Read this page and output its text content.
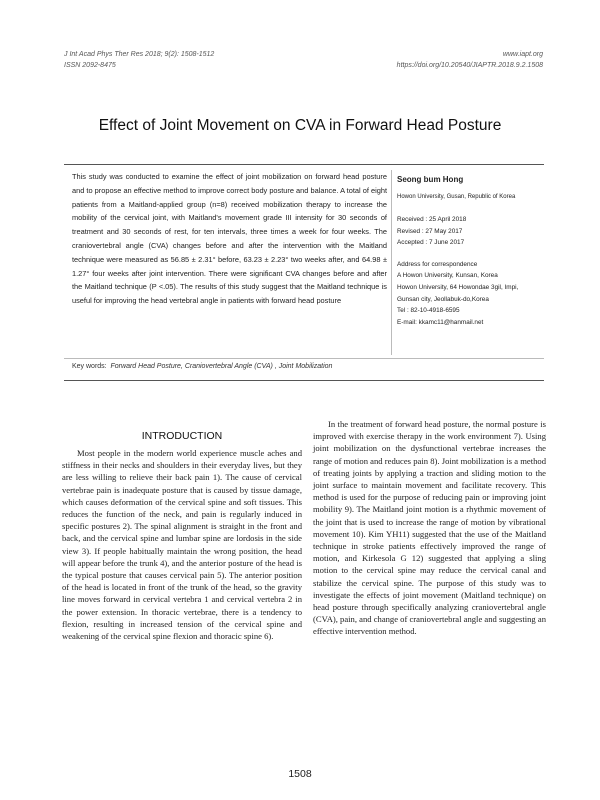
J Int Acad Phys Ther Res 2018; 9(2): 1508-1512
ISSN 2092-8475
www.iapt.org
https://doi.org/10.20540/JIAPTR.2018.9.2.1508
Effect of Joint Movement on CVA in Forward Head Posture
This study was conducted to examine the effect of joint mobilization on forward head posture and to propose an effective method to improve correct body posture and balance. A total of eight patients from a Maitland-applied group (n=8) received mobilization therapy to increase the mobility of the cervical joint, with Maitland's movement grade III intensity for 30 seconds of treatment and 30 seconds of rest, for ten intervals, three times a week for four weeks. The craniovertebral angle (CVA) changes before and after the intervention with the Maitland technique were measured as 56.85 ± 2.31° before, 63.23 ± 2.23° two weeks after, and 64.98 ± 1.27° four weeks after joint intervention. There were significant CVA changes before and after the Maitland technique (P <.05). The results of this study suggest that the Maitland technique is useful for improving the head vertebral angle in patients with forward head posture
Seong bum Hong
Howon University, Gusan, Republic of Korea
Received : 25 April 2018
Revised : 27 May 2017
Accepted : 7 June 2017
Address for correspondence
A Howon University, Kunsan, Korea
Howon University, 64 Howondae 3gil, Impi,
Gunsan city, Jeollabuk-do,Korea
Tel : 82-10-4918-6595
E-mail: kkamc11@hanmail.net
Key words: Forward Head Posture, Craniovertebral Angle (CVA) , Joint Mobilization
INTRODUCTION

Most people in the modern world experience muscle aches and stiffness in their necks and shoulders in their everyday lives, but they are less willing to relieve their back pain 1). The cause of cervical vertebrae pain is inadequate posture that is caused by tissue damage, which causes deformation of the cervical spine and soft tissues. This reduces the function of the neck, and pain is regularly induced in specific postures 2). The spinal alignment is straight in the front and back, and the cervical spine and lumbar spine are lordosis in the side view 3). If people habitually maintain the wrong position, the head will appear before the trunk 4), and the anterior posture of the head is the typical posture that causes cervical pain 5). The anterior position of the head is located in front of the trunk of the head, so the gravity line moves forward in cervical vertebra 1 and cervical vertebra 2 in the power extension. In thoracic vertebrae, there is a tendency to flexion, resulting in increased tension of the cervical spine and weakening of the cervical spine flexion and thoracic spine 6).

In the treatment of forward head posture, the normal posture is improved with exercise therapy in the work environment 7). Using joint mobilization on the dysfunctional vertebrae increases the range of motion and reduces pain 8). Joint mobilization is a method of treating joints by applying a traction and sliding motion to the joint surface to maintain movement and facilitate recovery. This method is used for the purpose of reducing pain or improving joint mobility 9). The Maitland joint motion is a rhythmic movement of the joint that is used to increase the range of motion by vibrational movement 10). Kim YH11) suggested that the use of the Maitland technique in stroke patients effectively improved the range of motion, and Kirkesola G 12) suggested that applying a sling motion to the cervical spine may reduce the cervical canal and stabilize the cervical spine. The purpose of this study was to investigate the effects of joint movement (Maitland technique) on head posture through specifically analyzing craniovertebral angle (CVA), pain, and change of craniovertebral angle and suggesting an effective intervention method.

1508
